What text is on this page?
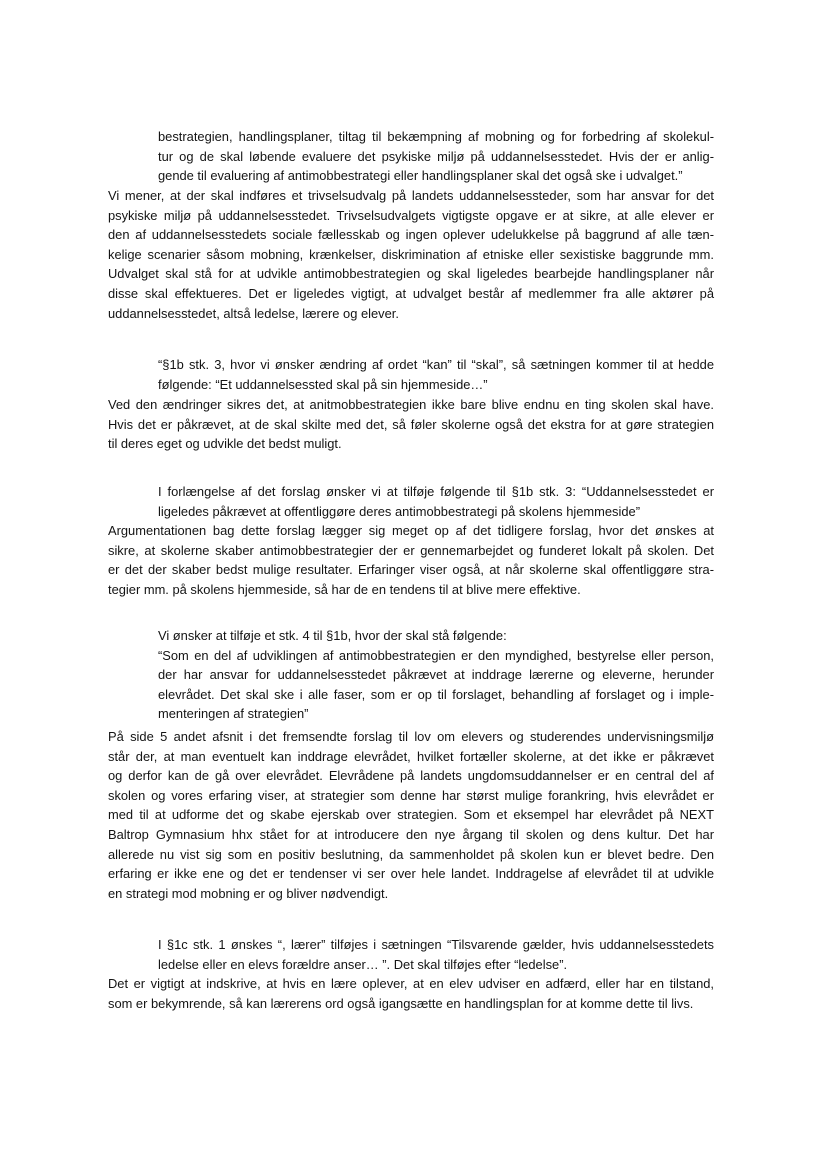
bestrategien, handlingsplaner, tiltag til bekæmpning af mobning og for forbedring af skolekul-
tur og de skal løbende evaluere det psykiske miljø på uddannelsesstedet. Hvis der er anlig-
gende til evaluering af antimobbestrategi eller handlingsplaner skal det også ske i udvalget.”
Vi mener, at der skal indføres et trivselsudvalg på landets uddannelsessteder, som har ansvar for det
psykiske miljø på uddannelsesstedet. Trivselsudvalgets vigtigste opgave er at sikre, at alle elever er
den af uddannelsesstedets sociale fællesskab og ingen oplever udelukkelse på baggrund af alle tæn-
kelige scenarier såsom mobning, krænkelser, diskrimination af etniske eller sexistiske baggrunde mm.
Udvalget skal stå for at udvikle antimobbestrategien og skal ligeledes bearbejde handlingsplaner når
disse skal effektueres. Det er ligeledes vigtigt, at udvalget består af medlemmer fra alle aktører på
uddannelsesstedet, altså ledelse, lærere og elever.
“§1b stk. 3, hvor vi ønsker ændring af ordet “kan” til “skal”, så sætningen kommer til at hedde
følgende: “Et uddannelsessted skal på sin hjemmeside…”
Ved den ændringer sikres det, at anitmobbestrategien ikke bare blive endnu en ting skolen skal have.
Hvis det er påkrævet, at de skal skilte med det, så føler skolerne også det ekstra for at gøre strategien
til deres eget og udvikle det bedst muligt.
I forlængelse af det forslag ønsker vi at tilføje følgende til §1b stk. 3: “Uddannelsesstedet er
ligeledes påkrævet at offentliggøre deres antimobbestrategi på skolens hjemmeside”
Argumentationen bag dette forslag lægger sig meget op af det tidligere forslag, hvor det ønskes at
sikre, at skolerne skaber antimobbestrategier der er gennemarbejdet og funderet lokalt på skolen. Det
er det der skaber bedst mulige resultater. Erfaringer viser også, at når skolerne skal offentliggøre stra-
tegier mm. på skolens hjemmeside, så har de en tendens til at blive mere effektive.
Vi ønsker at tilføje et stk. 4 til §1b, hvor der skal stå følgende:
“Som en del af udviklingen af antimobbestrategien er den myndighed, bestyrelse eller person,
der har ansvar for uddannelsesstedet påkrævet at inddrage lærerne og eleverne, herunder
elevrådet. Det skal ske i alle faser, som er op til forslaget, behandling af forslaget og i imple-
menteringen af strategien”
På side 5 andet afsnit i det fremsendte forslag til lov om elevers og studerendes undervisningsmiljø
står der, at man eventuelt kan inddrage elevrådet, hvilket fortæller skolerne, at det ikke er påkrævet
og derfor kan de gå over elevrådet. Elevrådene på landets ungdomsuddannelser er en central del af
skolen og vores erfaring viser, at strategier som denne har størst mulige forankring, hvis elevrådet er
med til at udforme det og skabe ejerskab over strategien. Som et eksempel har elevrådet på NEXT
Baltrop Gymnasium hhx stået for at introducere den nye årgang til skolen og dens kultur. Det har
allerede nu vist sig som en positiv beslutning, da sammenholdet på skolen kun er blevet bedre. Den
erfaring er ikke ene og det er tendenser vi ser over hele landet. Inddragelse af elevrådet til at udvikle
en strategi mod mobning er og bliver nødvendigt.
I §1c stk. 1 ønskes “, lærer” tilføjes i sætningen “Tilsvarende gælder, hvis uddannelsesstedets
ledelse eller en elevs forældre anser… ”. Det skal tilføjes efter “ledelse”.
Det er vigtigt at indskrive, at hvis en lære oplever, at en elev udviser en adfærd, eller har en tilstand,
som er bekymrende, så kan lærerens ord også igangsætte en handlingsplan for at komme dette til livs.
